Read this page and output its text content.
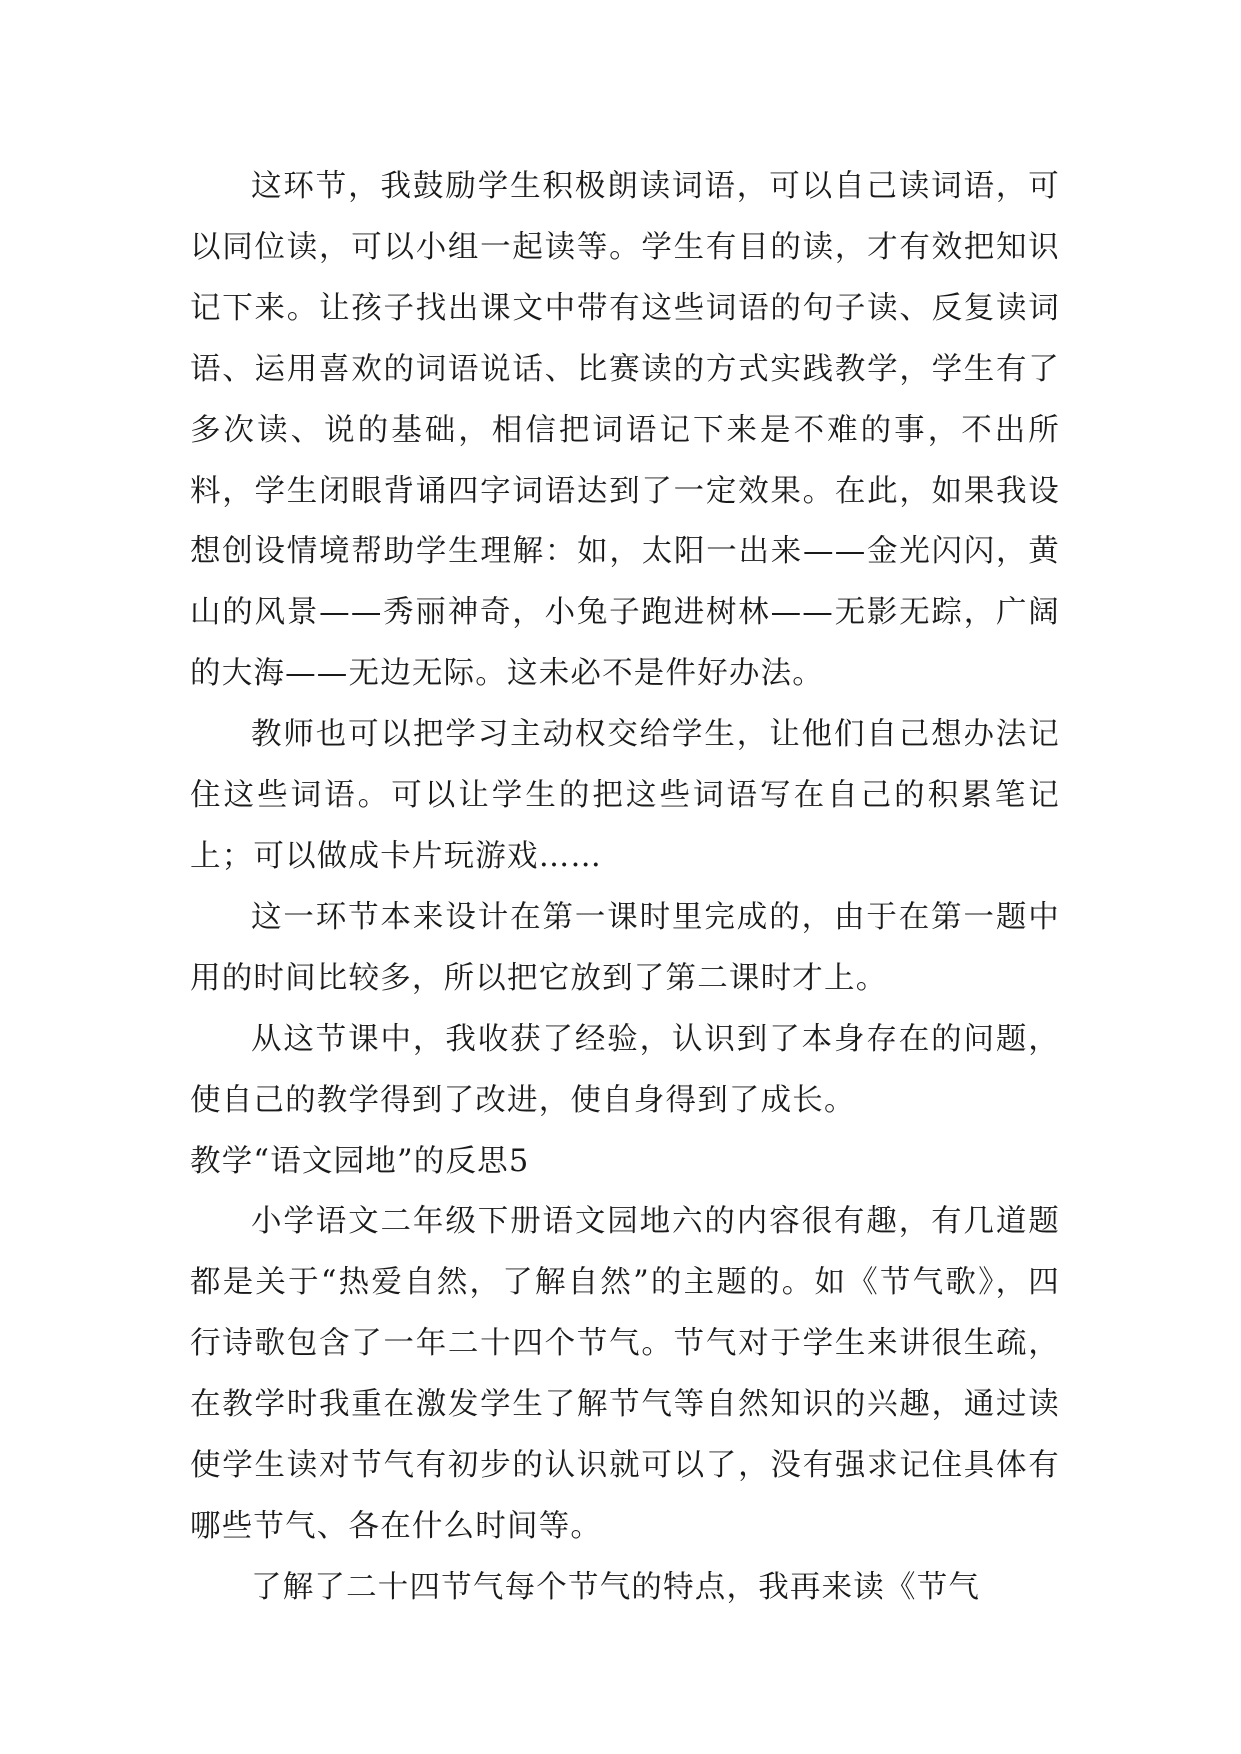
这环节，我鼓励学生积极朗读词语，可以自己读词语，可以同位读，可以小组一起读等。学生有目的读，才有效把知识记下来。让孩子找出课文中带有这些词语的句子读、反复读词语、运用喜欢的词语说话、比赛读的方式实践教学，学生有了多次读、说的基础，相信把词语记下来是不难的事，不出所料，学生闭眼背诵四字词语达到了一定效果。在此，如果我设想创设情境帮助学生理解：如，太阳一出来——金光闪闪，黄山的风景——秀丽神奇，小兔子跑进树林——无影无踪，广阔的大海——无边无际。这未必不是件好办法。

教师也可以把学习主动权交给学生，让他们自己想办法记住这些词语。可以让学生的把这些词语写在自己的积累笔记上；可以做成卡片玩游戏……

这一环节本来设计在第一课时里完成的，由于在第一题中用的时间比较多，所以把它放到了第二课时才上。

从这节课中，我收获了经验，认识到了本身存在的问题，使自己的教学得到了改进，使自身得到了成长。

教学“语文园地”的反思5

小学语文二年级下册语文园地六的内容很有趣，有几道题都是关于“热爱自然，了解自然”的主题的。如《节气歌》，四行诗歌包含了一年二十四个节气。节气对于学生来讲很生疏，在教学时我重在激发学生了解节气等自然知识的兴趣，通过读使学生读对节气有初步的认识就可以了，没有强求记住具体有哪些节气、各在什么时间等。

了解了二十四节气每个节气的特点，我再来读《节气
